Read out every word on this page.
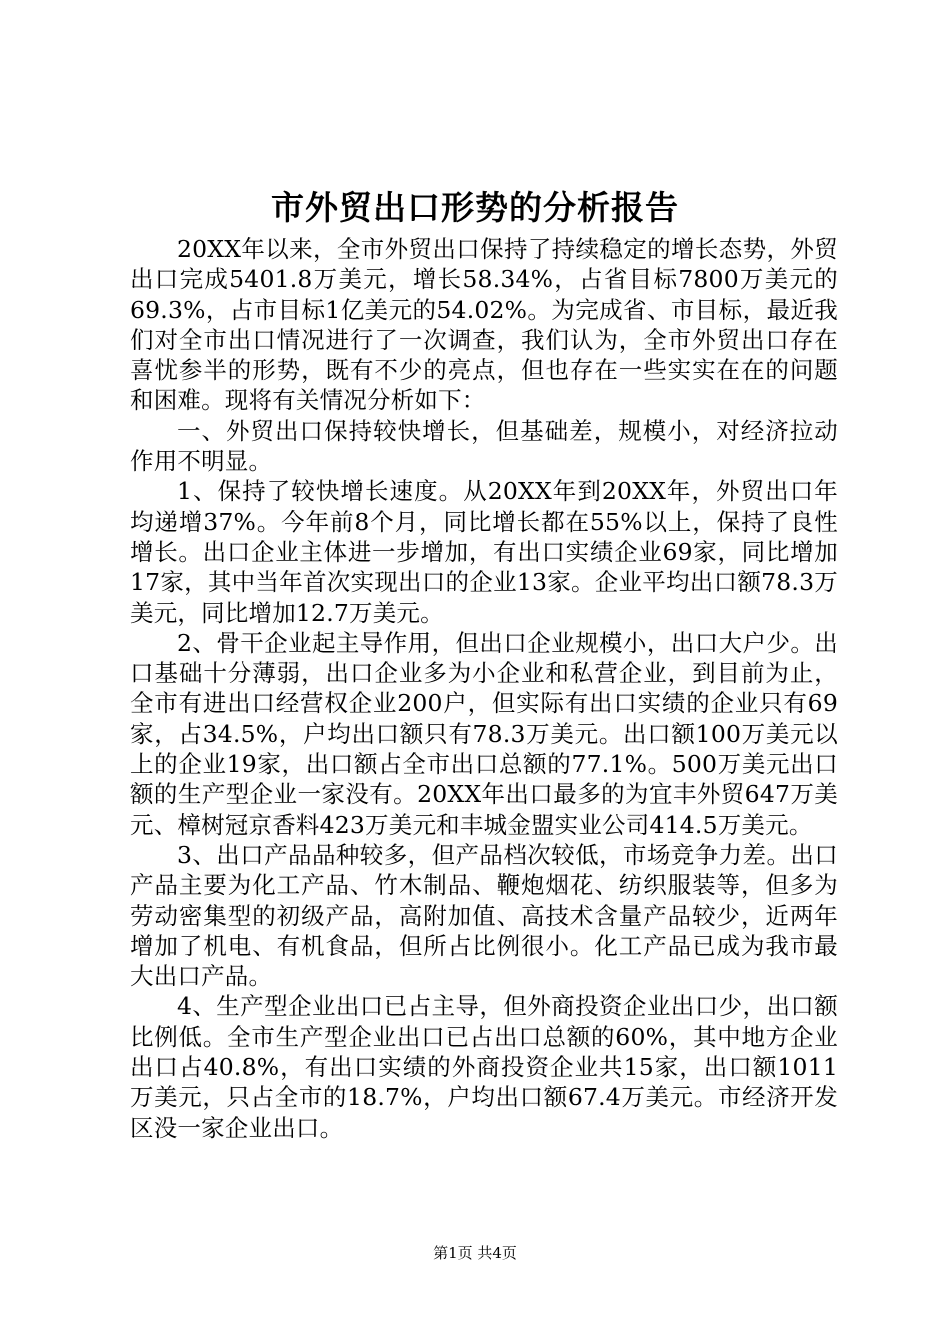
市外贸出口形势的分析报告

20XX年以来，全市外贸出口保持了持续稳定的增长态势，外贸出口完成5401.8万美元，增长58.34%，占省目标7800万美元的69.3%，占市目标1亿美元的54.02%。为完成省、市目标，最近我们对全市出口情况进行了一次调查，我们认为，全市外贸出口存在喜忧参半的形势，既有不少的亮点，但也存在一些实实在在的问题和困难。现将有关情况分析如下：

一、外贸出口保持较快增长，但基础差，规模小，对经济拉动作用不明显。

1、保持了较快增长速度。从20XX年到20XX年，外贸出口年均递增37%。今年前8个月，同比增长都在55%以上，保持了良性增长。出口企业主体进一步增加，有出口实绩企业69家，同比增加17家，其中当年首次实现出口的企业13家。企业平均出口额78.3万美元，同比增加12.7万美元。

2、骨干企业起主导作用，但出口企业规模小，出口大户少。出口基础十分薄弱，出口企业多为小企业和私营企业，到目前为止，全市有进出口经营权企业200户，但实际有出口实绩的企业只有69家，占34.5%，户均出口额只有78.3万美元。出口额100万美元以上的企业19家，出口额占全市出口总额的77.1%。500万美元出口额的生产型企业一家没有。20XX年出口最多的为宜丰外贸647万美元、樟树冠京香料423万美元和丰城金盟实业公司414.5万美元。

3、出口产品品种较多，但产品档次较低，市场竞争力差。出口产品主要为化工产品、竹木制品、鞭炮烟花、纺织服装等，但多为劳动密集型的初级产品，高附加值、高技术含量产品较少，近两年增加了机电、有机食品，但所占比例很小。化工产品已成为我市最大出口产品。

4、生产型企业出口已占主导，但外商投资企业出口少，出口额比例低。全市生产型企业出口已占出口总额的60%，其中地方企业出口占40.8%，有出口实绩的外商投资企业共15家，出口额1011万美元，只占全市的18.7%，户均出口额67.4万美元。市经济开发区没一家企业出口。

第1页 共4页
